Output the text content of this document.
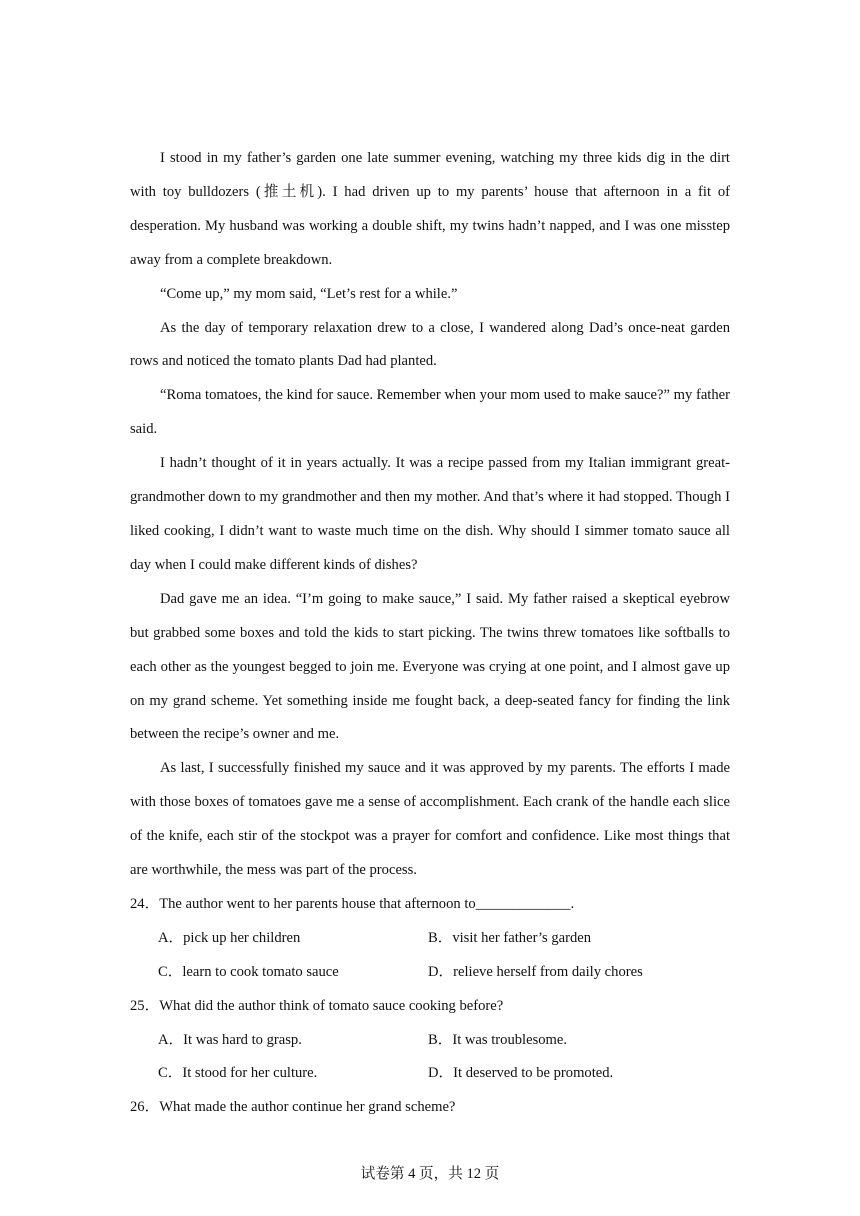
I stood in my father’s garden one late summer evening, watching my three kids dig in the dirt with toy bulldozers (推土机). I had driven up to my parents’ house that afternoon in a fit of desperation. My husband was working a double shift, my twins hadn’t napped, and I was one misstep away from a complete breakdown.

“Come up,” my mom said, “Let’s rest for a while.”

As the day of temporary relaxation drew to a close, I wandered along Dad’s once-neat garden rows and noticed the tomato plants Dad had planted.

“Roma tomatoes, the kind for sauce. Remember when your mom used to make sauce?” my father said.

I hadn’t thought of it in years actually. It was a recipe passed from my Italian immigrant great-grandmother down to my grandmother and then my mother. And that’s where it had stopped. Though I liked cooking, I didn’t want to waste much time on the dish. Why should I simmer tomato sauce all day when I could make different kinds of dishes?

Dad gave me an idea. “I’m going to make sauce,” I said. My father raised a skeptical eyebrow but grabbed some boxes and told the kids to start picking. The twins threw tomatoes like softballs to each other as the youngest begged to join me. Everyone was crying at one point, and I almost gave up on my grand scheme. Yet something inside me fought back, a deep-seated fancy for finding the link between the recipe’s owner and me.

As last, I successfully finished my sauce and it was approved by my parents. The efforts I made with those boxes of tomatoes gave me a sense of accomplishment. Each crank of the handle each slice of the knife, each stir of the stockpot was a prayer for comfort and confidence. Like most things that are worthwhile, the mess was part of the process.

24．The author went to her parents house that afternoon to_____________.

A．pick up her children	B．visit her father’s garden
C．learn to cook tomato sauce	D．relieve herself from daily chores

25．What did the author think of tomato sauce cooking before?

A．It was hard to grasp.	B．It was troublesome.
C．It stood for her culture.	D．It deserved to be promoted.

26．What made the author continue her grand scheme?

试卷第 4 页，共 12 页
